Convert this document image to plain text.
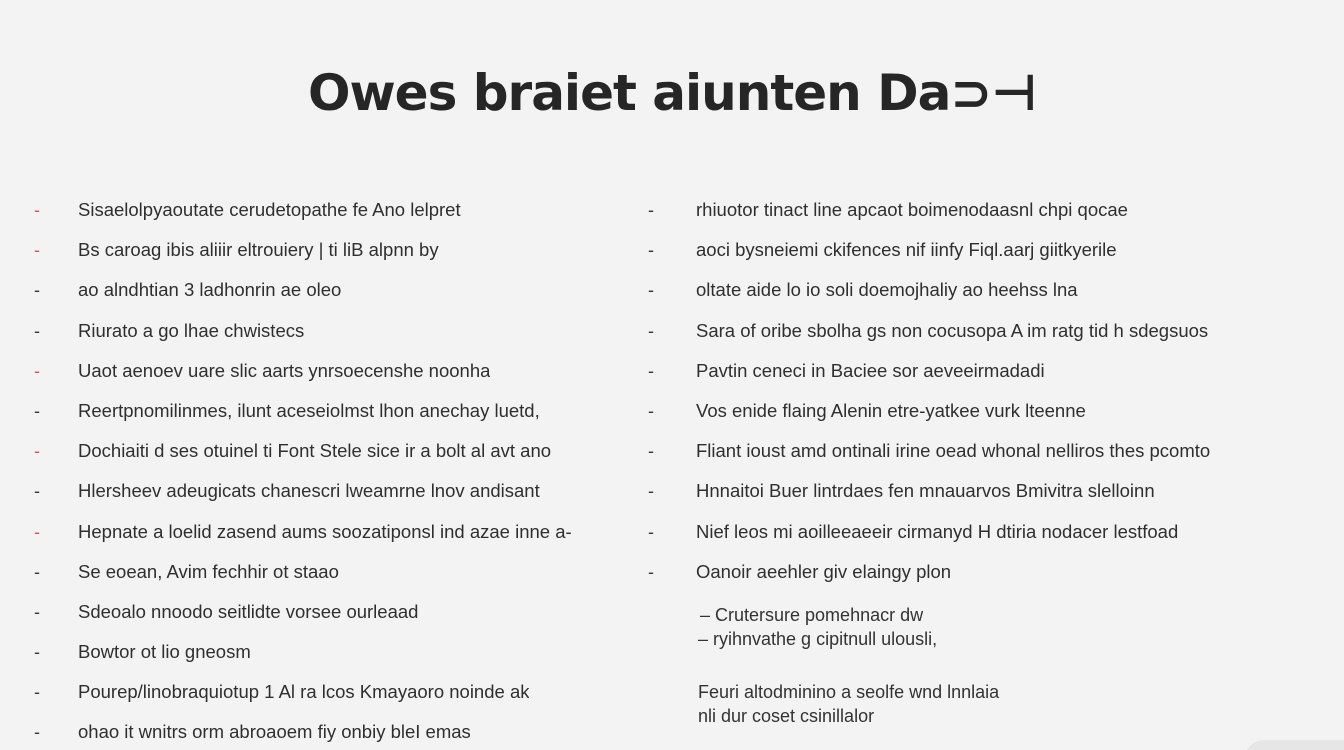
Owes braiet aiunten Da⊃⊣
-	Sisaelolpyaoutate cerudetopathe fe Ano lelpret
-	Bs caroag ibis aliiir eltrouiery | ti liB alpnn by
-	ao alndhtian 3 ladhonrin ae oleo
-	Riurato a go lhae chwistecs
-	Uaot aenoev uare slic aarts ynrsoecenshe noonha
-	Reertpnomilinmes, ilunt aceseiolmst lhon anechay luetd,
-	Dochiaiti d ses otuinel ti Font Stele sice ir a bolt al avt ano
-	Hlersheev adeugicats chanescri lweamrne lnov andisant
-	Hepnate a loelid zasend aums soozatiponsl ind azae inne a-
-	Se eoean, Avim fechhir ot staao
-	Sdeoalo nnoodo seitlidte vorsee ourleaad
-	Bowtor ot lio gneosm
-	Pourep/linobraquiotup 1 Al ra lcos Kmayaoro noinde ak
-	ohao it wnitrs orm abroaoem fiy onbiy bleI emas
-	rhiuotor tinact line apcaot boimenodaasnl chpi qocae
-	aoci bysneiemi ckifences nif iinfy Fiql.aarj giitkyerile
-	oltate aide lo io soli doemojhaliy ao heehss lna
-	Sara of oribe sbolha gs non cocusopa A im ratg tid h sdegsuos
-	Pavtin ceneci in Baciee sor aeveeirmadadi
-	Vos enide flaing Alenin etre-yatkee vurk lteenne
-	Fliant ioust amd ontinali irine oead whonal nelliros thes pcomto
-	Hnnaitoi Buer lintrdaes fen mnauarvos Bmivitra slelloinn
-	Nief leos mi aoilleeaeeir cirmanyd H dtiria nodacer lestfoad
-	Oanoir aeehler giv elaingy plon
– Crutersure pomehnacr dw
– ryihnvathe g cipitnull ulousli,
Feuri altodminino a seolfe wnd lnnlaia
nli dur coset csinillalor
